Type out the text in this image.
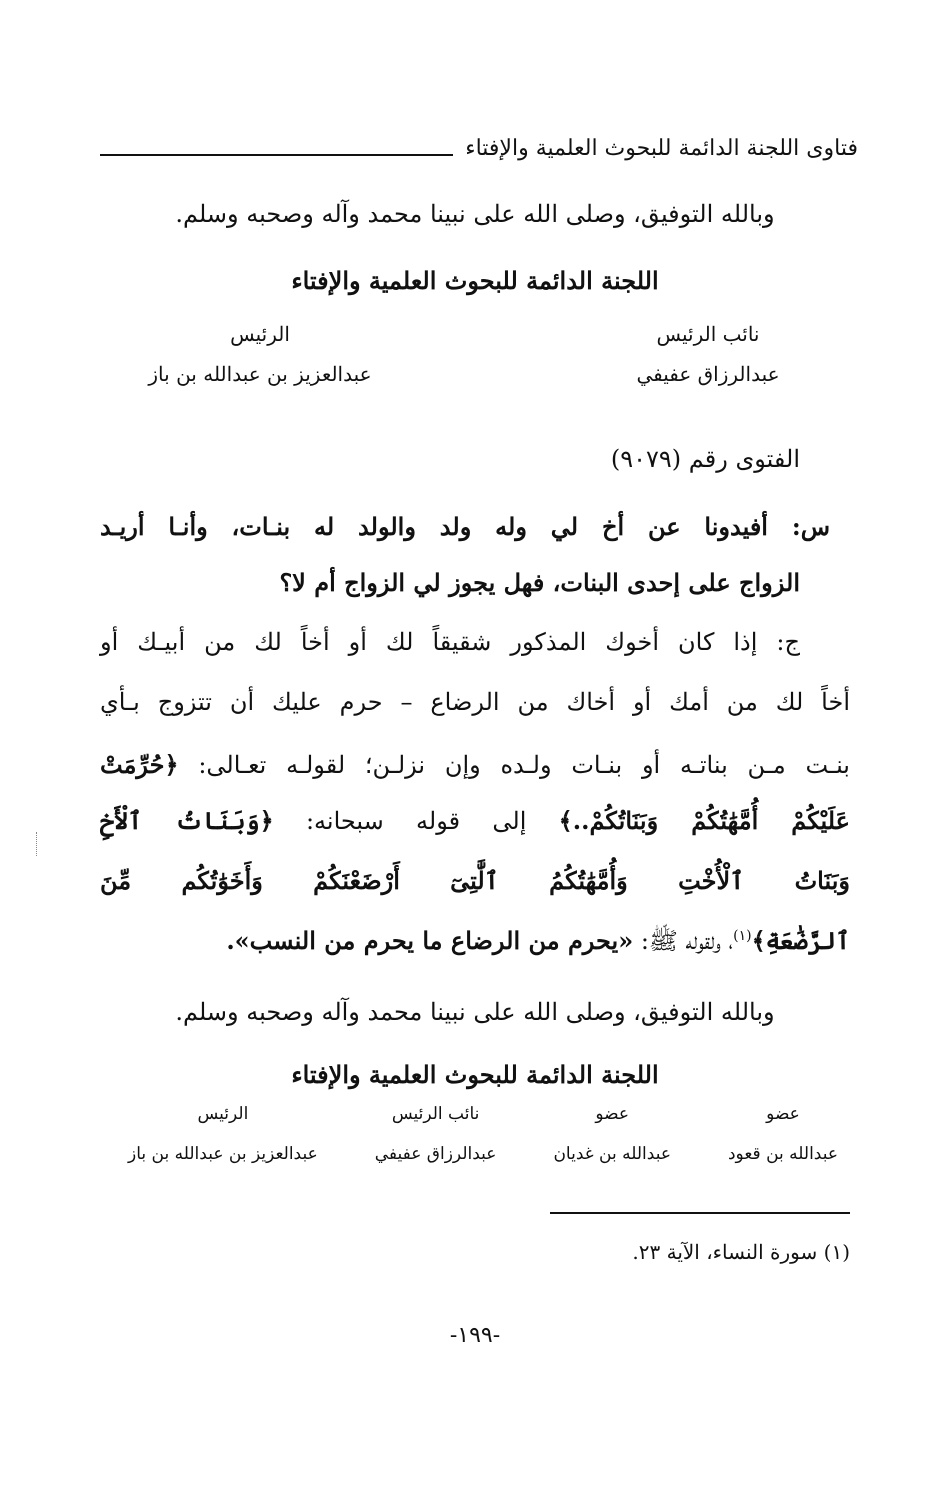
فتاوى اللجنة الدائمة للبحوث العلمية والإفتاء
وبالله التوفيق، وصلى الله على نبينا محمد وآله وصحبه وسلم.
اللجنة الدائمة للبحوث العلمية والإفتاء
نائب الرئيس
عبدالرزاق عفيفي
الرئيس
عبدالعزيز بن عبدالله بن باز
الفتوى رقم (٩٠٧٩)
س: أفيدونا عن أخ لي وله ولد والولد له بنـات، وأنـا أريـد
الزواج على إحدى البنات، فهل يجوز لي الزواج أم لا؟
ج: إذا كان أخوك المذكور شقيقاً لك أو أخاً لك من أبيـك أو
أخاً لك من أمك أو أخاك من الرضاع – حرم عليك أن تتزوج بـأي
بنـت مـن بناتـه أو بنـات ولـده وإن نزلـن؛ لقولـه تعـالى: ﴿حُرِّمَتْ
عَلَيْكُمْ أُمَّهَٰتُكُمْ وَبَنَاتُكُمْ..﴾ إلى قوله سبحانه: ﴿وَبَنَاتُ ٱلْأَخِ
وَبَنَاتُ ٱلْأُخْتِ وَأُمَّهَٰتُكُمُ ٱلَّٰتِىٓ أَرْضَعْنَكُمْ وَأَخَوَٰتُكُم مِّنَ
ٱلرَّضَٰعَةِ﴾$^{(١)}$، ولقوله ﷺ: «يحرم من الرضاع ما يحرم من النسب».
وبالله التوفيق، وصلى الله على نبينا محمد وآله وصحبه وسلم.
اللجنة الدائمة للبحوث العلمية والإفتاء
عضو
عبدالله بن قعود
عضو
عبدالله بن غديان
نائب الرئيس
عبدالرزاق عفيفي
الرئيس
عبدالعزيز بن عبدالله بن باز
(١) سورة النساء، الآية ٢٣.
-١٩٩-
